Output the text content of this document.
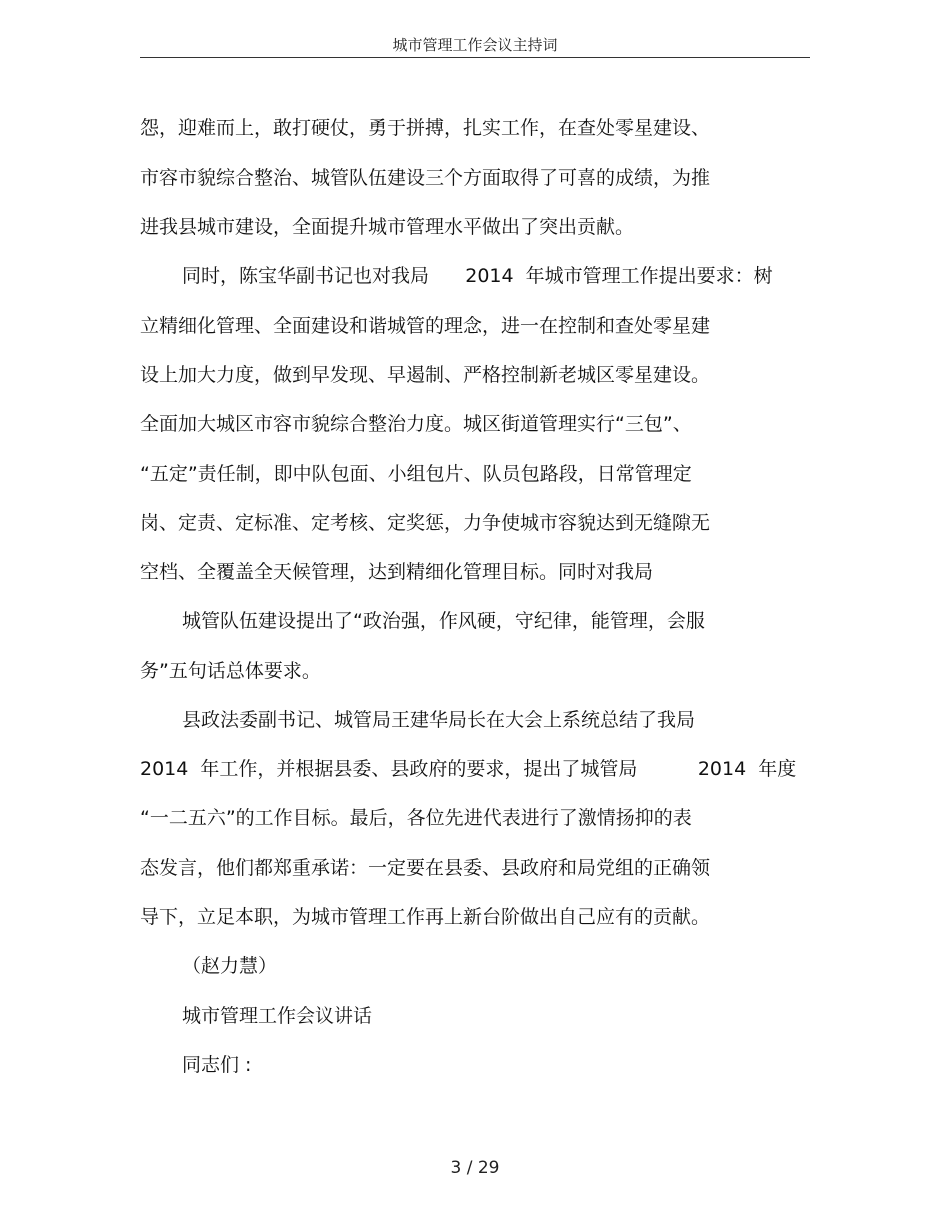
城市管理工作会议主持词
怨，迎难而上，敢打硬仗，勇于拼搏，扎实工作，在查处零星建设、
市容市貌综合整治、城管队伍建设三个方面取得了可喜的成绩，为推
进我县城市建设，全面提升城市管理水平做出了突出贡献。
同时，陈宝华副书记也对我局      2014  年城市管理工作提出要求：树
立精细化管理、全面建设和谐城管的理念，进一在控制和查处零星建
设上加大力度，做到早发现、早遏制、严格控制新老城区零星建设。
全面加大城区市容市貌综合整治力度。城区街道管理实行“三包”、
“五定”责任制，即中队包面、小组包片、队员包路段，日常管理定
岗、定责、定标准、定考核、定奖惩，力争使城市容貌达到无缝隙无
空档、全覆盖全天候管理，达到精细化管理目标。同时对我局
城管队伍建设提出了“政治强，作风硬，守纪律，能管理，会服
务”五句话总体要求。
县政法委副书记、城管局王建华局长在大会上系统总结了我局
2014  年工作，并根据县委、县政府的要求，提出了城管局          2014  年度
“一二五六”的工作目标。最后，各位先进代表进行了激情扬抑的表
态发言，他们都郑重承诺：一定要在县委、县政府和局党组的正确领
导下，立足本职，为城市管理工作再上新台阶做出自己应有的贡献。
（赵力慧）
城市管理工作会议讲话
同志们 :
3 / 29
